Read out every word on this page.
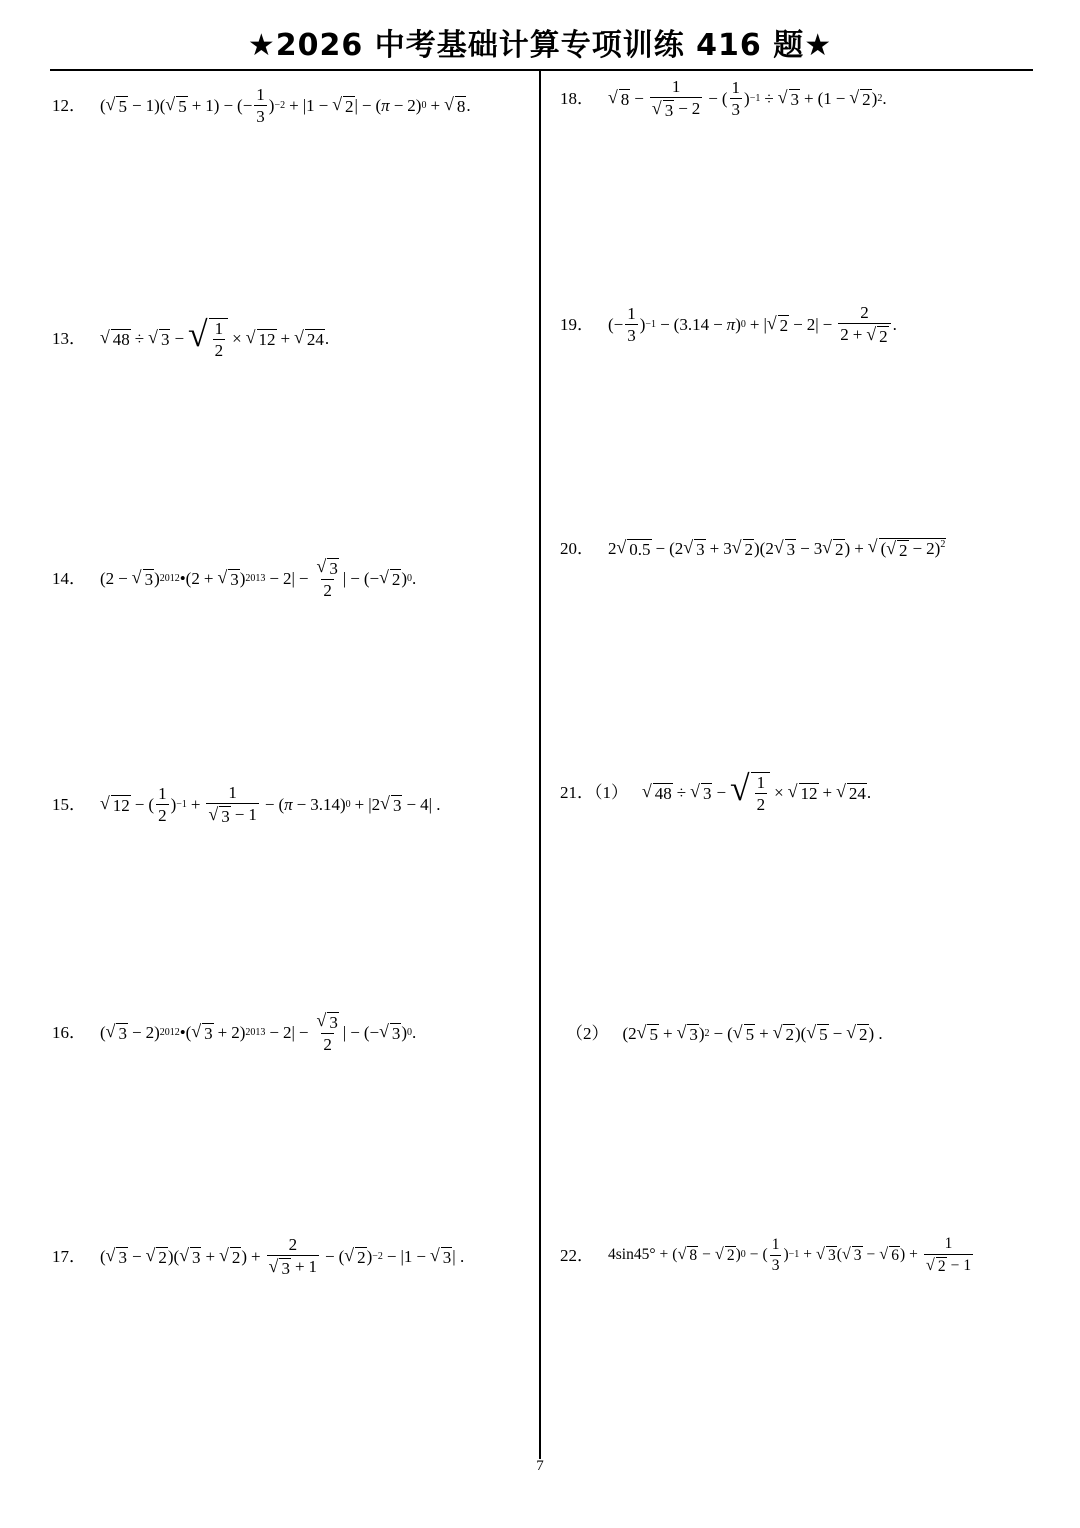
★2026 中考基础计算专项训练 416 题★
12． ( √ 5 − 1)( √ 5 + 1) − (− $\frac{1}{3}$ ) −2 + |1 − √ 2 | − ( π − 2) 0 + √ 8 .
13． √ 48 ÷ √ 3 − √ $\frac{1}{2}$ × √ 12 + √ 24 .
14． (2 − √ 3 ) 2012 •(2 + √ 3 ) $2013 - 2| - \frac{√ 3}{2}$ | − (− √ 2 ) 0 .
15． √ 12 − ( $\frac{1}{2}$ ) $-1 + \frac{1}{√ 3 - 1}$ − ( π − 3.14) 0 + |2 √ 3 − 4| .
16． ( √ 3 − 2) 2012 •( √ 3 + 2) $2013 - 2| - \frac{√ 3}{2}$ | − (− √ 3 ) 0 .
17． ( √ 3 − √ 2 )( √ 3 + √ 2 ) + $\frac{2}{√ 3 + 1}$ − ( √ 2 ) −2 − |1 − √ 3 | .
18． √ $8 - \frac{1}{√ 3 - 2}$ − ( $\frac{1}{3}$ ) −1 ÷ √ 3 + (1 − √ 2 ) 2 .
19． (− $\frac{1}{3}$ ) −1 − (3.14 − π ) 0 + | √ $2 - 2| - \frac{2}{2 + √ 2}$ .
20． 2 √ 0.5 − (2 √ 3 + 3 √ 2 )(2 √ 3 − 3 √ 2 ) + √ ( √ 2 − 2)$^2$
21．（1） √ 48 ÷ √ 3 − √ $\frac{1}{2}$ × √ 12 + √ 24 .
（2） (2 √ 5 + √ 3 ) 2 − ( √ 5 + √ 2 )( √ 5 − √ 2 ) .
22． 4sin45° + ( √ 8 − √ 2 ) 0 − ( $\frac{1}{3}$ ) −1 + √ 3 ( √ 3 − √ 6 ) + $\frac{1}{√ 2 - 1}$
7
